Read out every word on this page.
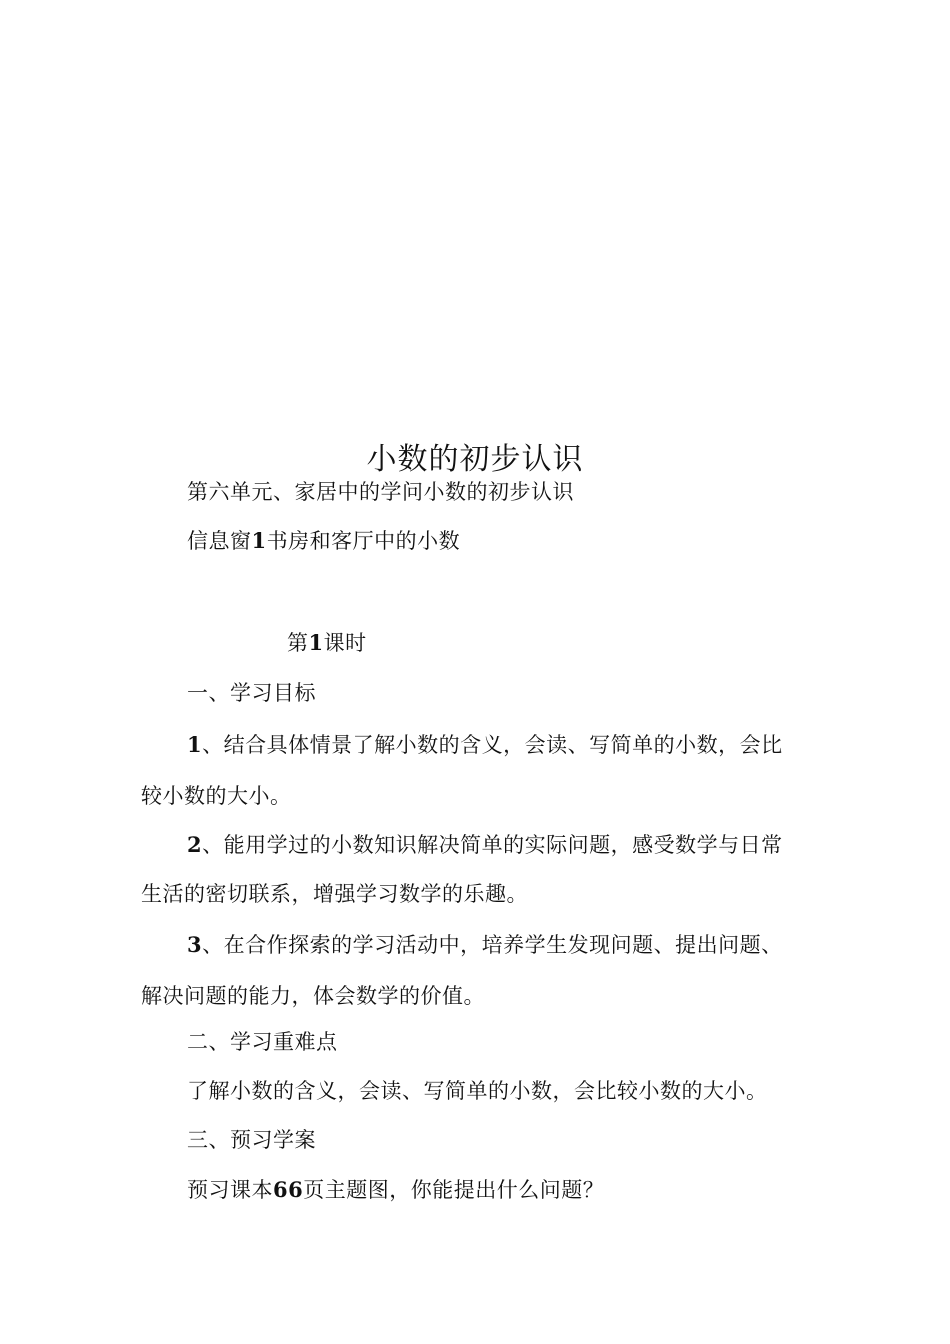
小数的初步认识
第六单元、家居中的学问小数的初步认识
信息窗1书房和客厅中的小数
第1课时
一、学习目标
1、结合具体情景了解小数的含义，会读、写简单的小数，会比
较小数的大小。
2、能用学过的小数知识解决简单的实际问题，感受数学与日常
生活的密切联系，增强学习数学的乐趣。
3、在合作探索的学习活动中，培养学生发现问题、提出问题、
解决问题的能力，体会数学的价值。
二、学习重难点
了解小数的含义，会读、写简单的小数，会比较小数的大小。
三、预习学案
预习课本66页主题图，你能提出什么问题？
